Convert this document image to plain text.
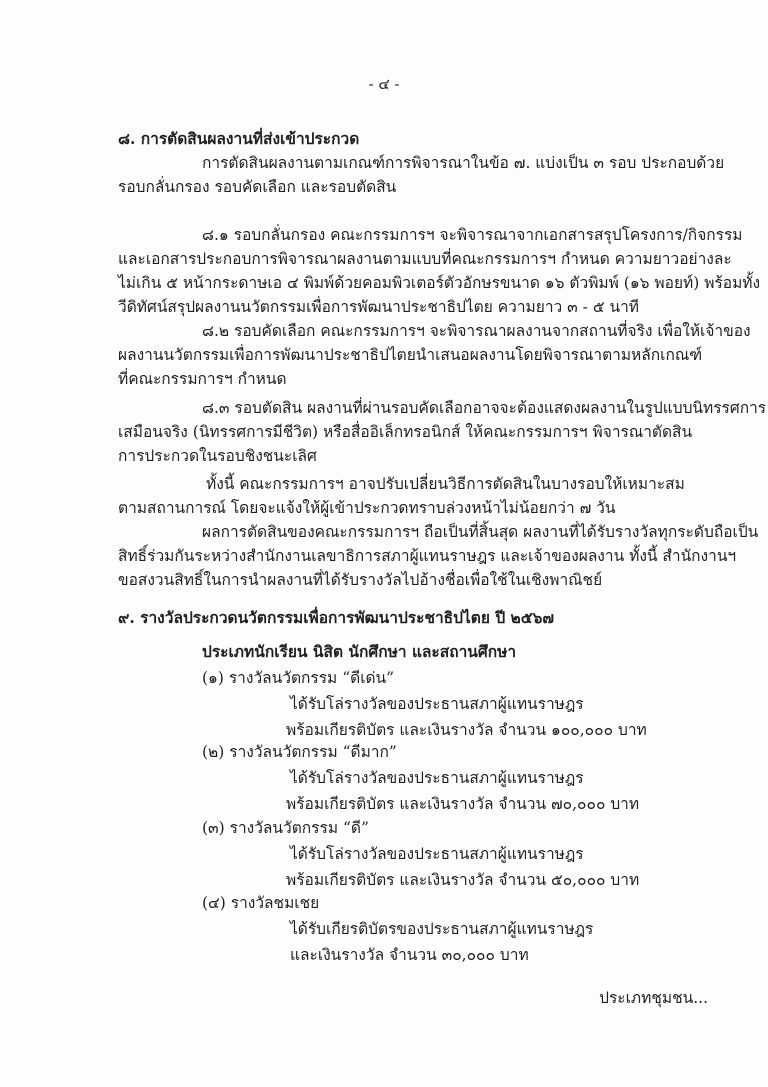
- ๔ -
๘. การตัดสินผลงานที่ส่งเข้าประกวด
การตัดสินผลงานตามเกณฑ์การพิจารณาในข้อ ๗. แบ่งเป็น ๓ รอบ ประกอบด้วย
รอบกลั่นกรอง รอบคัดเลือก และรอบตัดสิน
๘.๑ รอบกลั่นกรอง คณะกรรมการฯ จะพิจารณาจากเอกสารสรุปโครงการ/กิจกรรม
และเอกสารประกอบการพิจารณาผลงานตามแบบที่คณะกรรมการฯ กำหนด ความยาวอย่างละ
ไม่เกิน ๕ หน้ากระดาษเอ ๔ พิมพ์ด้วยคอมพิวเตอร์ตัวอักษรขนาด ๑๖ ตัวพิมพ์ (๑๖ พอยท์) พร้อมทั้ง
วีดิทัศน์สรุปผลงานนวัตกรรมเพื่อการพัฒนาประชาธิปไตย ความยาว ๓ - ๕ นาที
๘.๒ รอบคัดเลือก คณะกรรมการฯ จะพิจารณาผลงานจากสถานที่จริง เพื่อให้เจ้าของ
ผลงานนวัตกรรมเพื่อการพัฒนาประชาธิปไตยนำเสนอผลงานโดยพิจารณาตามหลักเกณฑ์
ที่คณะกรรมการฯ กำหนด
๘.๓ รอบตัดสิน ผลงานที่ผ่านรอบคัดเลือกอาจจะต้องแสดงผลงานในรูปแบบนิทรรศการ
เสมือนจริง (นิทรรศการมีชีวิต) หรือสื่ออิเล็กทรอนิกส์ ให้คณะกรรมการฯ พิจารณาตัดสิน
การประกวดในรอบชิงชนะเลิศ
ทั้งนี้ คณะกรรมการฯ อาจปรับเปลี่ยนวิธีการตัดสินในบางรอบให้เหมาะสม
ตามสถานการณ์ โดยจะแจ้งให้ผู้เข้าประกวดทราบล่วงหน้าไม่น้อยกว่า ๗ วัน
ผลการตัดสินของคณะกรรมการฯ ถือเป็นที่สิ้นสุด ผลงานที่ได้รับรางวัลทุกระดับถือเป็น
สิทธิ์ร่วมกันระหว่างสำนักงานเลขาธิการสภาผู้แทนราษฎร และเจ้าของผลงาน ทั้งนี้ สำนักงานฯ
ขอสงวนสิทธิ์ในการนำผลงานที่ได้รับรางวัลไปอ้างชื่อเพื่อใช้ในเชิงพาณิชย์
๙. รางวัลประกวดนวัตกรรมเพื่อการพัฒนาประชาธิปไตย ปี ๒๕๖๗
ประเภทนักเรียน นิสิต นักศึกษา และสถานศึกษา
(๑) รางวัลนวัตกรรม “ดีเด่น”
ได้รับโล่รางวัลของประธานสภาผู้แทนราษฎร
พร้อมเกียรติบัตร และเงินรางวัล จำนวน ๑๐๐,๐๐๐ บาท
(๒) รางวัลนวัตกรรม “ดีมาก”
ได้รับโล่รางวัลของประธานสภาผู้แทนราษฎร
พร้อมเกียรติบัตร และเงินรางวัล จำนวน ๗๐,๐๐๐ บาท
(๓) รางวัลนวัตกรรม “ดี”
ได้รับโล่รางวัลของประธานสภาผู้แทนราษฎร
พร้อมเกียรติบัตร และเงินรางวัล จำนวน ๕๐,๐๐๐ บาท
(๔) รางวัลชมเชย
ได้รับเกียรติบัตรของประธานสภาผู้แทนราษฎร
และเงินรางวัล จำนวน ๓๐,๐๐๐ บาท
ประเภทชุมชน...
